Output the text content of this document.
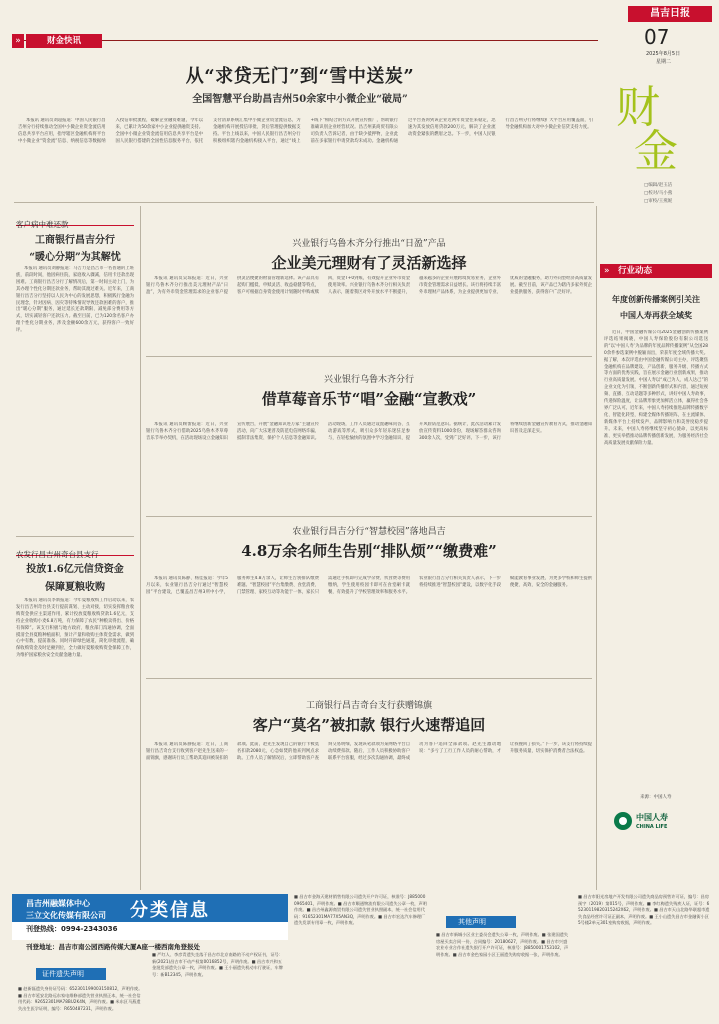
昌吉日报
07
2025年8月5日
星期二
»	财金快讯
从“求贷无门”到“雪中送炭”
全国智慧平台助昌吉州50余家中小微企业“破局”

本报讯 通讯员刘超报道：中国人民银行昌吉州分行持续推动全国中小微企业资金流信用信息共享平台应用，指导辖区金融机构将平台中小微企业“资金流”信息、纳税信息等数据纳入授信审批流程，破解企业融资难题，今年以来，已累计为50余家中小企业提供融资支持。全国中小微企业资金流信用信息共享平台是中国人民银行搭建的全国性信息服务平台，依托支付清算系统汇集中小微企业资金流信息，为金融机构开展授信审批、贷后管理提供数据支持。平台上线以来，中国人民银行昌吉州分行积极组织辖内金融机构接入平台，通过“线上+线下”相结合的方式开展宣传推广，帮助银行准确识别企业经营状况。昌吉州某商贸有限公司负责人告诉记者，由于缺少抵押物，企业此前在多家银行申请贷款均未成功。金融机构通过平台查询到该企业近两年资金往来稳定，迅速为其发放信用贷款200万元，解决了企业流动资金紧张的燃眉之急。下一步，中国人民银行昌吉州分行将继续扩大平台应用覆盖面，引导金融机构加大对中小微企业信贷支持力度。 财
金
□编辑/赵玉洁
□校对/马小燕
□审校/王燕妮
客户病中难还款
工商银行昌吉分行
“暖心分期”为其解忧

本报讯 通讯员刘静报道：马吉力是昌吉市一名普通的上班族，前段时间，他因病住院，家庭收入骤减，信用卡还款出现困难。工商银行昌吉分行了解情况后，第一时间主动上门，为其办理个性化分期还款业务，帮助其渡过难关。近年来，工商银行昌吉分行坚持以人民为中心的发展思想，积极践行金融为民理念，针对因病、因灾等特殊情况导致还款困难的客户，推出“暖心分期”服务，通过延长还款期限、减免部分费用等方式，切实减轻客户还款压力。截至目前，已为120余名客户办理个性化分期业务，涉及金额600余万元，获得客户一致好评。

农发行昌吉州奇台县支行
投放1.6亿元信贷资金
保障夏粮收购

本报讯 通讯员李新报道：今年夏粮收购工作启动以来，农发行昌吉州奇台县支行提前谋划、主动对接，切实发挥粮食收购资金供应主渠道作用，累计投放夏粮收购贷款1.6亿元，支持企业收购小麦6.8万吨，有力保障了农民“种粮卖得出、价格有保障”。该支行积极与地方政府、粮食部门沟通协调，全面摸清全县夏粮种植面积、预计产量和收购主体资金需求，做到心中有数、提前准备。同时开辟绿色通道，简化审批流程，确保收购资金及时足额到位，全力做好夏粮收购资金保障工作，为维护国家粮食安全贡献金融力量。

兴业银行乌鲁木齐分行推出“日盈”产品
企业美元理财有了灵活新选择

本报讯 通讯员吴琼报道：近日，兴业银行乌鲁木齐分行推出美元理财产品“日盈”，为有外币资金管理需求的企业客户提供灵活便捷的财富管理新选择。该产品具有起购门槛低、申赎灵活、收益稳健等特点，客户可根据自身资金使用计划随时申购或赎回，资金T+0到账，有效提升企业外币资金使用效率。兴业银行乌鲁木齐分行相关负责人表示，随着我区对外开放水平不断提升，越来越多的企业开展跨境贸易业务，企业外币资金管理需求日益增长。该行将持续丰富外币理财产品体系，为企业提供更加专业、优质的金融服务，助力外向型经济高质量发展。截至目前，该产品已为辖内多家外贸企业提供服务，获得客户广泛好评。

兴业银行乌鲁木齐分行
借草莓音乐节“唱”金融“宣教戏”

本报讯 通讯员顾蕾报道：近日，兴业银行乌鲁木齐分行借助2025乌鲁木齐草莓音乐节举办契机，在活动现场设立金融知识宣传展台，开展“金融知识进万家”主题宣传活动，向广大乐迷普及防范电信网络诈骗、抵制非法集资、保护个人信息等金融知识。活动现场，工作人员通过设置趣味问答、互动游戏等形式，吸引众多年轻乐迷驻足参与，在轻松愉快的氛围中学习金融知识、提升风险防范意识。据统计，此次活动累计发放宣传资料1000余份，现场解答群众咨询300余人次，受到广泛好评。下一步，该行将继续创新金融宣传教育方式，推动金融知识普及走深走实。

农业银行昌吉分行“智慧校园”落地昌吉
4.8万余名师生告别“排队烦”“缴费难”

本报讯 通讯员陈静、杨佳报道：今年5月以来，农业银行昌吉分行通过“智慧校园”平台建设，已覆盖昌吉州3所中小学，服务师生4.8万余人，让师生告别排队缴费难题。“智慧校园”平台集缴费、食堂消费、门禁管理、家校互动等功能于一体，家长只需通过手机即可完成学杂费、伙食费等费用缴纳，学生使用校园卡即可在食堂刷卡就餐，有效提升了学校管理效率和服务水平。农业银行昌吉分行相关负责人表示，下一步将持续推进“智慧校园”建设，以数字化手段赋能教育事业发展，为更多学校和师生提供便捷、高效、安全的金融服务。

工商银行昌吉奇台支行获赠锦旗
客户“莫名”被扣款 银行火速帮追回

本报讯 通讯员陈静报道：近日，工商银行昌吉奇台支行收到客户赵先生送来的一面锦旗，感谢该行员工帮助其追回被误扣的款项。此前，赵先生发现自己的银行卡被莫名扣款2080元，心急如焚的他来到网点求助。工作人员了解情况后，立即帮助客户查询交易明细，发现该笔款项为某网络平台自动续费扣款。随后，工作人员积极协助客户联系平台客服，经过多次沟通协调，最终成功为客户追回全部款项。赵先生激动地说：“多亏了工行工作人员的耐心帮助，才让我挽回了损失。”下一步，该支行将持续提升服务质量，切实保护消费者合法权益。

» 行业动态
年度创新传播案例引关注
中国人寿再获全域奖

近日，中国金融传媒公司2025金融创新传播案例评选结果揭晓，中国人寿保险股份有限公司选送的“以‘中国人寿’为品牌的年度品牌传播案例”从全国280余件参选案例中脱颖而出，荣获年度全域传播大奖。据了解，本次评选由中国金融传媒公司主办，评选聚焦金融机构在品牌建设、产品创新、服务升级、传播方式等方面的优秀实践，旨在展示金融行业创新成果，推动行业高质量发展。中国人寿以“成己为人、成人达己”的企业文化为引领，不断创新传播形式和内容，通过短视频、直播、互动话题等多种形式，讲好中国人寿故事，传递保险温度，让品牌形象更加鲜活立体，赢得社会各界广泛认可。近年来，中国人寿持续推进品牌传播数字化、智能化转型，构建全媒体传播矩阵，在主流媒体、新媒体平台上持续发声，品牌影响力和美誉度稳步提升。未来，中国人寿将继续坚守初心使命，以更高标准、更实举措推动品牌传播创新发展，为服务经济社会高质量发展贡献保险力量。

来源：中国人寿
中国人寿
CHINA LIFE
昌吉州融媒体中心
三立文化传媒有限公司 分类信息
刊登热线：0994-2343036
刊登地址：昌吉市南公园西路传媒大厦A座一楼西南角登报处
证件遗失声明

■ 赵新磊遗失身份证号码：652301199003150812，声明作废。■ 昌吉市延安北路远东家电维修部遗失营业执照正本，统一社会信用代码：92652301MA78BU2K4N，声明作废。■ 米东区马燕遗失出生医学证明，编号：R650487231，声明作废。

■ 严红人、李彦青遗失坐落于昌吉市北京南路的不动产权证书，证号：新(2021)昌吉市不动产权第0016852号，声明作废。■ 昌吉市兴和五金批发部遗失公章一枚，声明作废。■ 王小丽遗失机动车行驶证，车牌号：新B12345，声明作废。

■ 昌吉市金海天建材销售有限公司遗失开户许可证，核准号：J8850000965401，声明作废。■ 昌吉市顺通物流有限公司遗失公章一枚，声明作废。■ 昌吉州鑫源商贸有限公司遗失营业执照副本，统一社会信用代码：91652301MA77X5AN3Q，声明作废。■ 昌吉市宏达汽车修理厂遗失发票专用章一枚，声明作废。	其他声明

■ 昌吉市新城小区业主委员会遗失公章一枚，声明作废。■ 张建国遗失房屋买卖合同一份，合同编号：20180627，声明作废。■ 昌吉市兴盛农业专业合作社遗失银行开户许可证，核准号：J8850001753102，声明作废。■ 昌吉市金色家园小区王丽遗失购房收据一张，声明作废。

■ 昌吉市阳光房地产开发有限公司遗失商品房预售许可证，编号：昌房预字（2019）第015号，声明作废。■ 李红梅遗失残疾人证，证号：65230119820315242X62，声明作废。■ 昌吉市天山北路华联超市遗失食品经营许可证正副本，声明作废。■ 王小山遗失昌吉市金融街小区5号楼2单元301室购房收据，声明作废。
